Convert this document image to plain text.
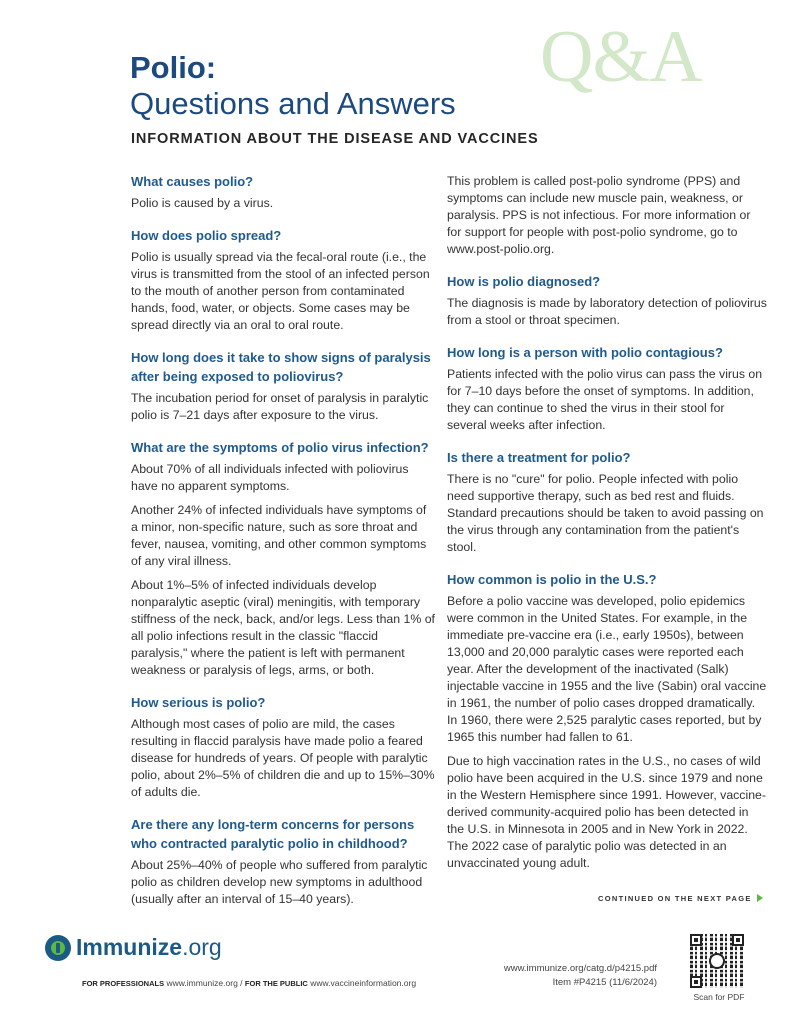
Q&A
Polio:
Questions and Answers
INFORMATION ABOUT THE DISEASE AND VACCINES

What causes polio?

Polio is caused by a virus.

How does polio spread?

Polio is usually spread via the fecal-oral route (i.e., the virus is transmitted from the stool of an infected person to the mouth of another person from contaminated hands, food, water, or objects. Some cases may be spread directly via an oral to oral route.

How long does it take to show signs of paralysis after being exposed to poliovirus?

The incubation period for onset of paralysis in paralytic polio is 7–21 days after exposure to the virus.

What are the symptoms of polio virus infection?

About 70% of all individuals infected with poliovirus have no apparent symptoms.

Another 24% of infected individuals have symptoms of a minor, non-specific nature, such as sore throat and fever, nausea, vomiting, and other common symptoms of any viral illness.

About 1%–5% of infected individuals develop nonparalytic aseptic (viral) meningitis, with temporary stiffness of the neck, back, and/or legs. Less than 1% of all polio infections result in the classic "flaccid paralysis," where the patient is left with permanent weakness or paralysis of legs, arms, or both.

How serious is polio?

Although most cases of polio are mild, the cases resulting in flaccid paralysis have made polio a feared disease for hundreds of years. Of people with paralytic polio, about 2%–5% of children die and up to 15%–30% of adults die.

Are there any long-term concerns for persons who contracted paralytic polio in childhood?

About 25%–40% of people who suffered from paralytic polio as children develop new symptoms in adulthood (usually after an interval of 15–40 years).

This problem is called post-polio syndrome (PPS) and symptoms can include new muscle pain, weakness, or paralysis. PPS is not infectious. For more information or for support for people with post-polio syndrome, go to www.post-polio.org.

How is polio diagnosed?

The diagnosis is made by laboratory detection of poliovirus from a stool or throat specimen.

How long is a person with polio contagious?

Patients infected with the polio virus can pass the virus on for 7–10 days before the onset of symptoms. In addition, they can continue to shed the virus in their stool for several weeks after infection.

Is there a treatment for polio?

There is no "cure" for polio. People infected with polio need supportive therapy, such as bed rest and fluids. Standard precautions should be taken to avoid passing on the virus through any contamination from the patient's stool.

How common is polio in the U.S.?

Before a polio vaccine was developed, polio epidemics were common in the United States. For example, in the immediate pre-vaccine era (i.e., early 1950s), between 13,000 and 20,000 paralytic cases were reported each year. After the development of the inactivated (Salk) injectable vaccine in 1955 and the live (Sabin) oral vaccine in 1961, the number of polio cases dropped dramatically. In 1960, there were 2,525 paralytic cases reported, but by 1965 this number had fallen to 61.

Due to high vaccination rates in the U.S., no cases of wild polio have been acquired in the U.S. since 1979 and none in the Western Hemisphere since 1991. However, vaccine-derived community-acquired polio has been detected in the U.S. in Minnesota in 2005 and in New York in 2022. The 2022 case of paralytic polio was detected in an unvaccinated young adult.

CONTINUED ON THE NEXT PAGE
Immunize.org
FOR PROFESSIONALS www.immunize.org / FOR THE PUBLIC www.vaccineinformation.org
www.immunize.org/catg.d/p4215.pdf
Item #P4215 (11/6/2024)
Scan for PDF
